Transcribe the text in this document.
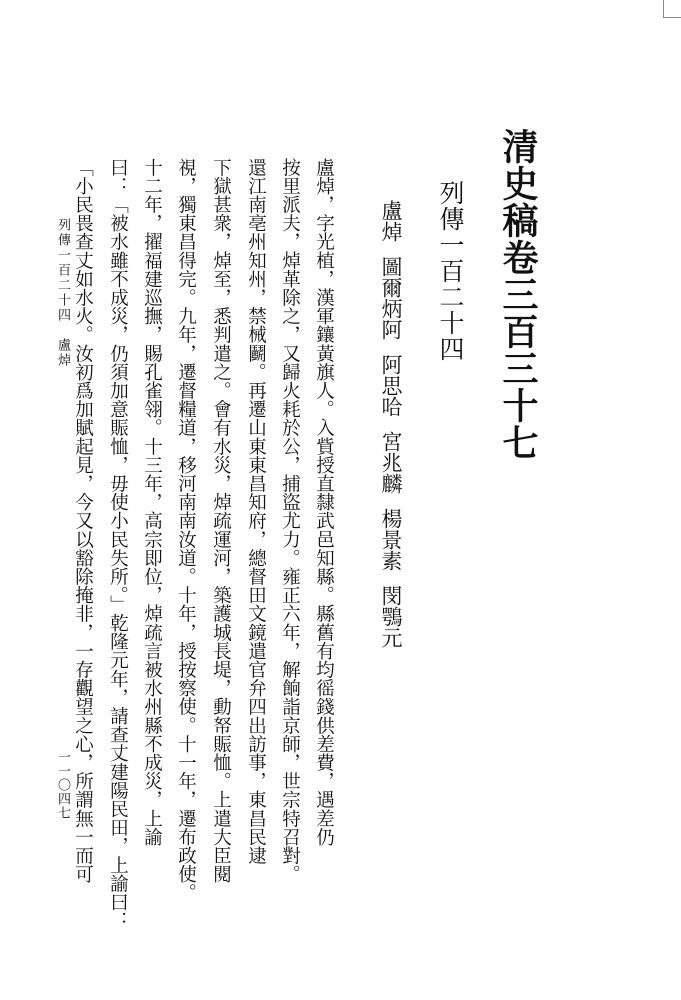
清史稿卷三百三十七
列傳一百二十四
盧焯圖爾炳阿阿思哈宮兆麟楊景素閔鶚元
盧焯，字光植，漢軍鑲黃旗人。入貲授直隸武邑知縣。縣舊有均徭錢供差費，遇差仍
按里派夫，焯革除之，又歸火耗於公，捕盜尤力。雍正六年，解餉詣京師，世宗特召對。
還江南亳州知州，禁械鬬。再遷山東東昌知府，總督田文鏡遣官弁四出訪事，東昌民逮
下獄甚衆，焯至，悉判遣之。會有水災，焯疏運河，築護城長堤，動帑賑恤。上遣大臣閱
視，獨東昌得完。九年，遷督糧道，移河南南汝道。十年，授按察使。十一年，遷布政使。
十二年，擢福建巡撫，賜孔雀翎。十三年，高宗即位，焯疏言被水州縣不成災，上諭
曰：「被水雖不成災，仍須加意賑恤，毋使小民失所。」乾隆元年，請查丈建陽民田，上諭曰：
「小民畏查丈如水火。汝初爲加賦起見，今又以豁除掩非，一存觀望之心，所謂無一而可
列傳一百二十四　盧焯
一一〇四七
